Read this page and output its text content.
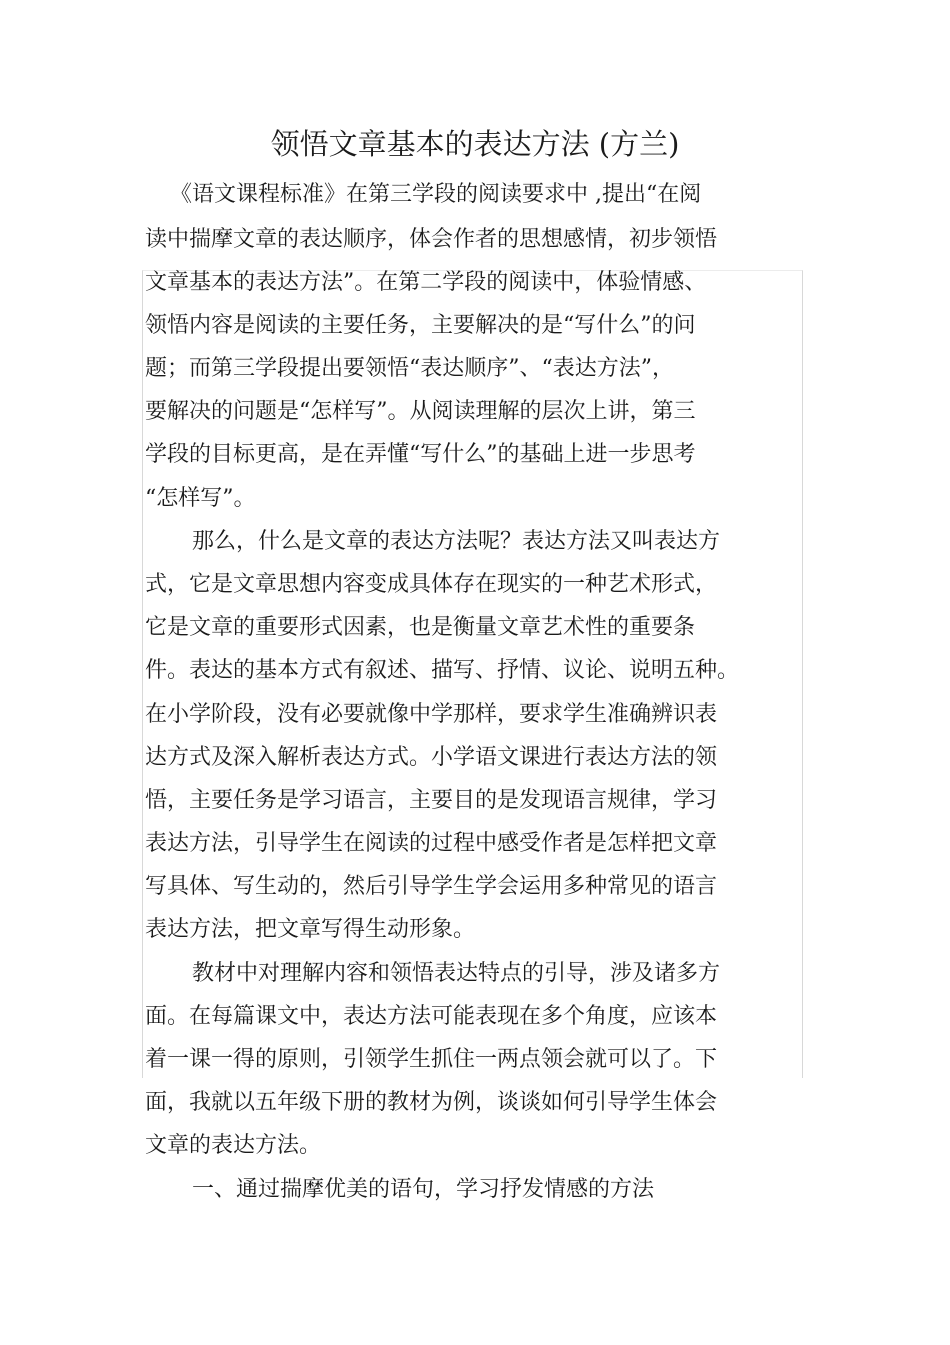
领悟文章基本的表达方法 (方兰)
《语文课程标准》在第三学段的阅读要求中 ,提出“在阅
读中揣摩文章的表达顺序，体会作者的思想感情，初步领悟
文章基本的表达方法”。在第二学段的阅读中，体验情感、
领悟内容是阅读的主要任务，主要解决的是“写什么”的问
题；而第三学段提出要领悟“表达顺序”、“表达方法”，
要解决的问题是“怎样写”。从阅读理解的层次上讲，第三
学段的目标更高，是在弄懂“写什么”的基础上进一步思考
“怎样写”。
那么，什么是文章的表达方法呢？表达方法又叫表达方
式，它是文章思想内容变成具体存在现实的一种艺术形式，
它是文章的重要形式因素，也是衡量文章艺术性的重要条
件。表达的基本方式有叙述、描写、抒情、议论、说明五种。
在小学阶段，没有必要就像中学那样，要求学生准确辨识表
达方式及深入解析表达方式。小学语文课进行表达方法的领
悟，主要任务是学习语言，主要目的是发现语言规律，学习
表达方法，引导学生在阅读的过程中感受作者是怎样把文章
写具体、写生动的，然后引导学生学会运用多种常见的语言
表达方法，把文章写得生动形象。
教材中对理解内容和领悟表达特点的引导，涉及诸多方
面。在每篇课文中，表达方法可能表现在多个角度，应该本
着一课一得的原则，引领学生抓住一两点领会就可以了。下
面，我就以五年级下册的教材为例，谈谈如何引导学生体会
文章的表达方法。
一、通过揣摩优美的语句，学习抒发情感的方法
